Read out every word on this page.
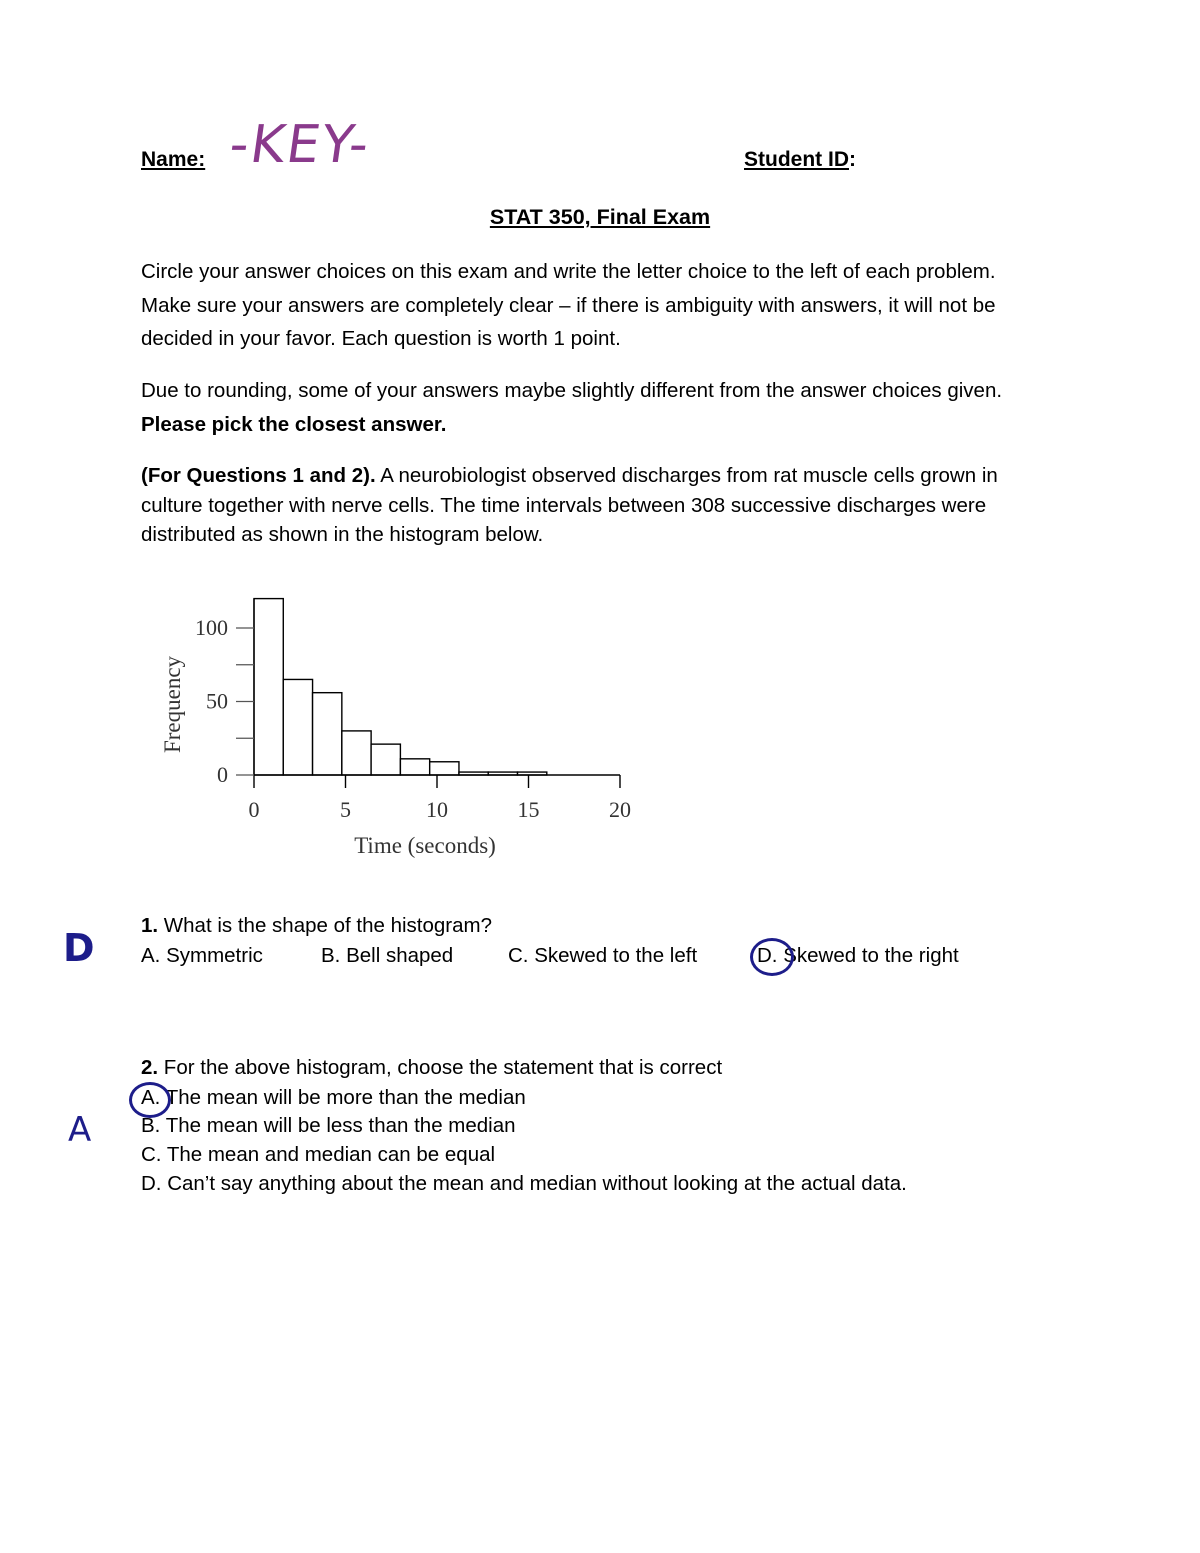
Name: -KEY-	Student ID:
STAT 350, Final Exam
Circle your answer choices on this exam and write the letter choice to the left of each problem.
Make sure your answers are completely clear – if there is ambiguity with answers, it will not be
decided in your favor. Each question is worth 1 point.
Due to rounding, some of your answers maybe slightly different from the answer choices given.
Please pick the closest answer.
(For Questions 1 and 2). A neurobiologist observed discharges from rat muscle cells grown in
culture together with nerve cells. The time intervals between 308 successive discharges were
distributed as shown in the histogram below.
0	5	10	15	20
0
50
100
Time (seconds)
Frequency
D
1. What is the shape of the histogram?
A. Symmetric	B. Bell shaped	C. Skewed to the left	D. Skewed to the right
A
2. For the above histogram, choose the statement that is correct
A. The mean will be more than the median
B. The mean will be less than the median
C. The mean and median can be equal
D. Can’t say anything about the mean and median without looking at the actual data.
